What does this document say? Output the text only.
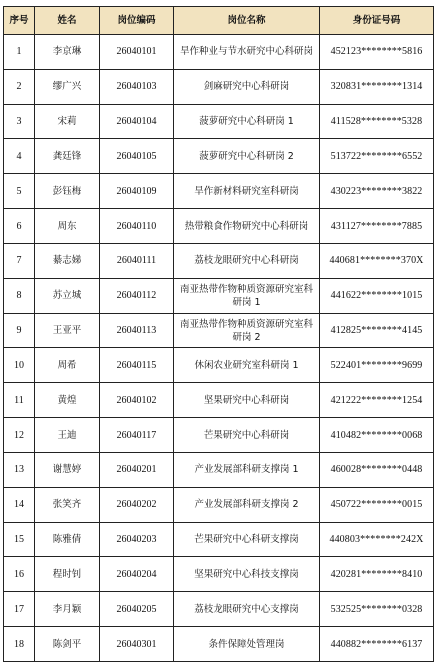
序号	姓名	岗位编码	岗位名称	身份证号码
1	李京琳	26040101	旱作种业与节水研究中心科研岗	452123********5816
2	缪广兴	26040103	剑麻研究中心科研岗	320831********1314
3	宋莉	26040104	菠萝研究中心科研岗 1	411528********5328
4	龚廷锋	26040105	菠萝研究中心科研岗 2	513722********6552
5	彭钰梅	26040109	旱作新材料研究室科研岗	430223********3822
6	周东	26040110	热带粮食作物研究中心科研岗	431127********7885
7	綦志娣	26040111	荔枝龙眼研究中心科研岗	440681********370X
8	苏立城	26040112	南亚热带作物种质资源研究室科研岗 1	441622********1015
9	王亚平	26040113	南亚热带作物种质资源研究室科研岗 2	412825********4145
10	周希	26040115	休闲农业研究室科研岗 1	522401********9699
11	黄煌	26040102	坚果研究中心科研岗	421222********1254
12	王迪	26040117	芒果研究中心科研岗	410482********0068
13	谢慧婷	26040201	产业发展部科研支撑岗 1	460028********0448
14	张笑齐	26040202	产业发展部科研支撑岗 2	450722********0015
15	陈雅倩	26040203	芒果研究中心科研支撑岗	440803********242X
16	程时钊	26040204	坚果研究中心科技支撑岗	420281********8410
17	李月颖	26040205	荔枝龙眼研究中心支撑岗	532525********0328
18	陈剑平	26040301	条件保障处管理岗	440882********6137
